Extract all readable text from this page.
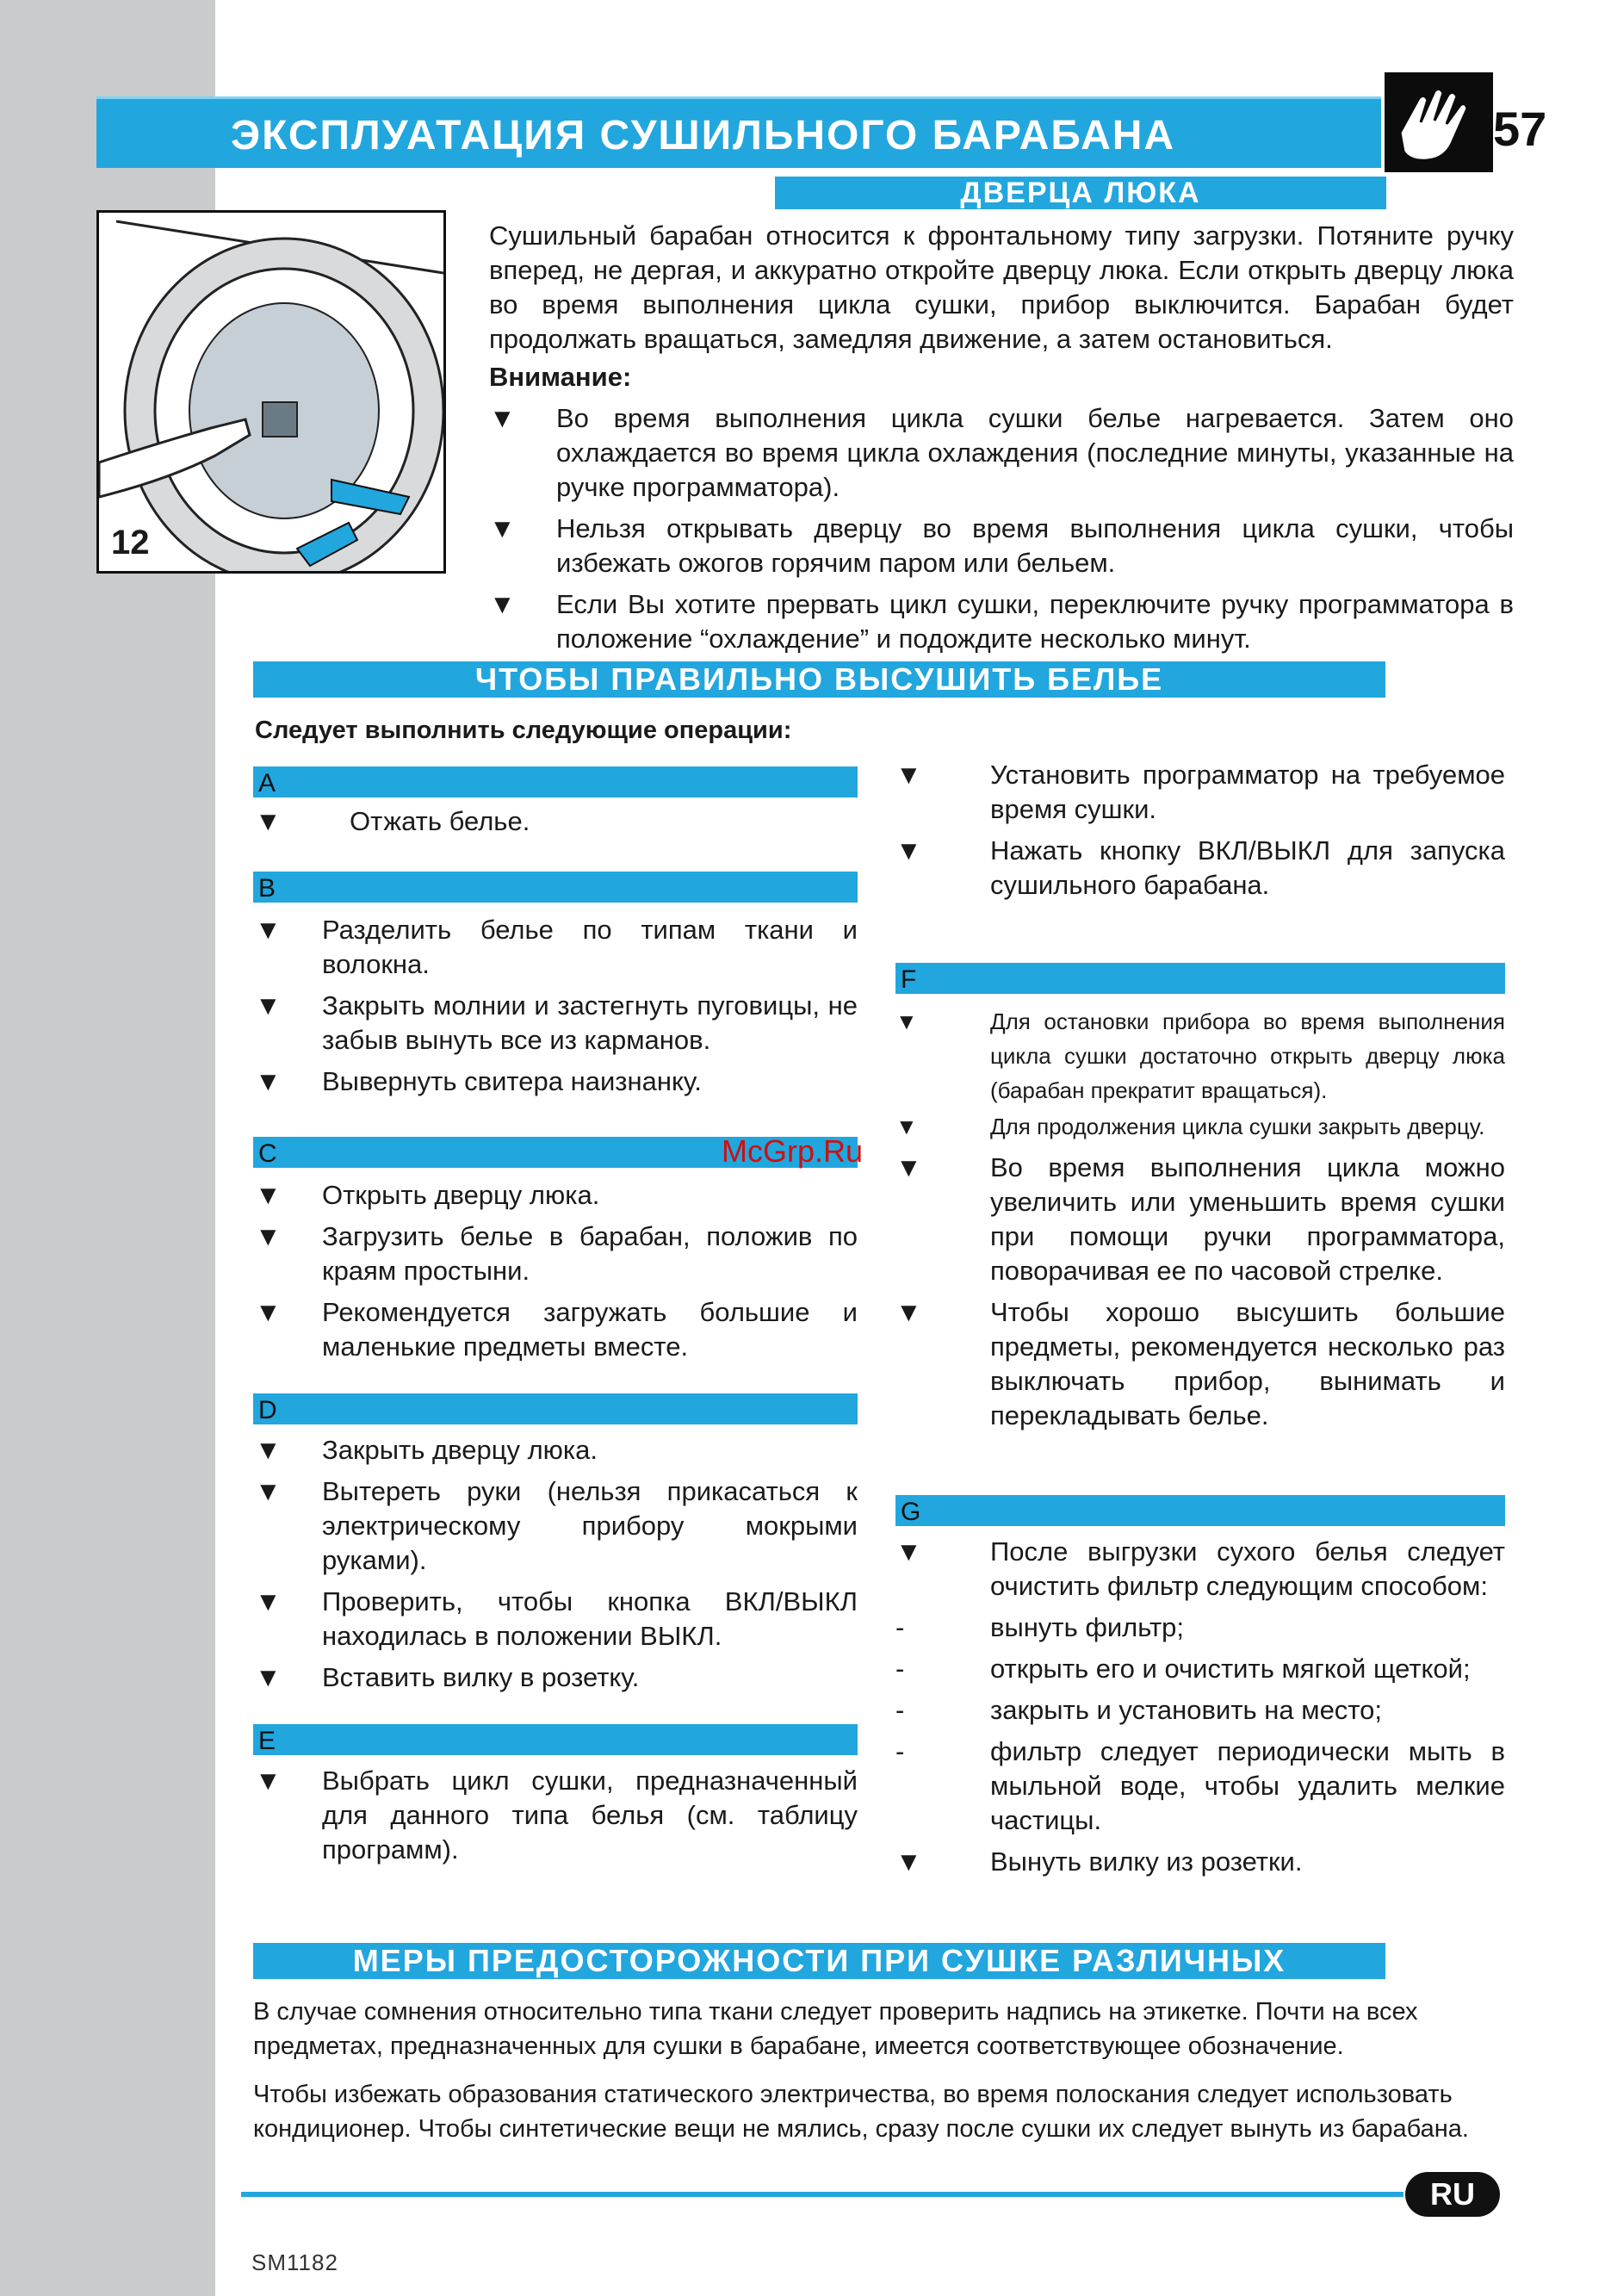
ЭКСПЛУАТАЦИЯ СУШИЛЬНОГО БАРАБАНА	57
ДВЕРЦА ЛЮКА
12
Сушильный барабан относится к фронтальному типу загрузки. Потяните ручку вперед, не дергая, и аккуратно откройте дверцу люка. Если открыть дверцу люка во время выполнения цикла сушки, прибор выключится. Барабан будет продолжать вращаться, замедляя движение, а затем остановиться.
Внимание:
▼	Во время выполнения цикла сушки белье нагревается. Затем оно охлаждается во время цикла охлаждения (последние минуты, указанные на ручке программатора).
▼	Нельзя открывать дверцу во время выполнения цикла сушки, чтобы избежать ожогов горячим паром или бельем.
▼	Если Вы хотите прервать цикл сушки, переключите ручку программатора в положение “охлаждение” и подождите несколько минут.
ЧТОБЫ ПРАВИЛЬНО ВЫСУШИТЬ БЕЛЬЕ
Следует выполнить следующие операции:
A
▼	Отжать белье.
B
▼	Разделить белье по типам ткани и волокна.
▼	Закрыть молнии и застегнуть пуговицы, не забыв вынуть все из карманов.
▼	Вывернуть свитера наизнанку.
C
▼	Открыть дверцу люка.
▼	Загрузить белье в барабан, положив по краям простыни.
▼	Рекомендуется загружать большие и маленькие предметы вместе.
D
▼	Закрыть дверцу люка.
▼	Вытереть руки (нельзя прикасаться к электрическому прибору мокрыми руками).
▼	Проверить, чтобы кнопка ВКЛ/ВЫКЛ находилась в положении ВЫКЛ.
▼	Вставить вилку в розетку.
E
▼	Выбрать цикл сушки, предназначенный для данного типа белья (см. таблицу программ).
▼	Установить программатор на требуемое время сушки.
▼	Нажать кнопку ВКЛ/ВЫКЛ для запуска сушильного барабана.
F
▼	Для остановки прибора во время выполнения цикла сушки достаточно открыть дверцу люка (барабан прекратит вращаться).
▼	Для продолжения цикла сушки закрыть дверцу.
▼	Во время выполнения цикла можно увеличить или уменьшить время сушки при помощи ручки программатора, поворачивая ее по часовой стрелке.
▼	Чтобы хорошо высушить большие предметы, рекомендуется несколько раз выключать прибор, вынимать и перекладывать белье.
G
▼	После выгрузки сухого белья следует очистить фильтр следующим способом:
-	вынуть фильтр;
-	открыть его и очистить мягкой щеткой;
-	закрыть и установить на место;
-	фильтр следует периодически мыть в мыльной воде, чтобы удалить мелкие частицы.
▼	Вынуть вилку из розетки.
McGrp.Ru
МЕРЫ ПРЕДОСТОРОЖНОСТИ ПРИ СУШКЕ РАЗЛИЧНЫХ
В случае сомнения относительно типа ткани следует проверить надпись на этикетке. Почти на всех предметах, предназначенных для сушки в барабане, имеется соответствующее обозначение.
Чтобы избежать образования статического электричества, во время полоскания следует использовать кондиционер. Чтобы синтетические вещи не мялись, сразу после сушки их следует вынуть из барабана.
RU
SM1182
